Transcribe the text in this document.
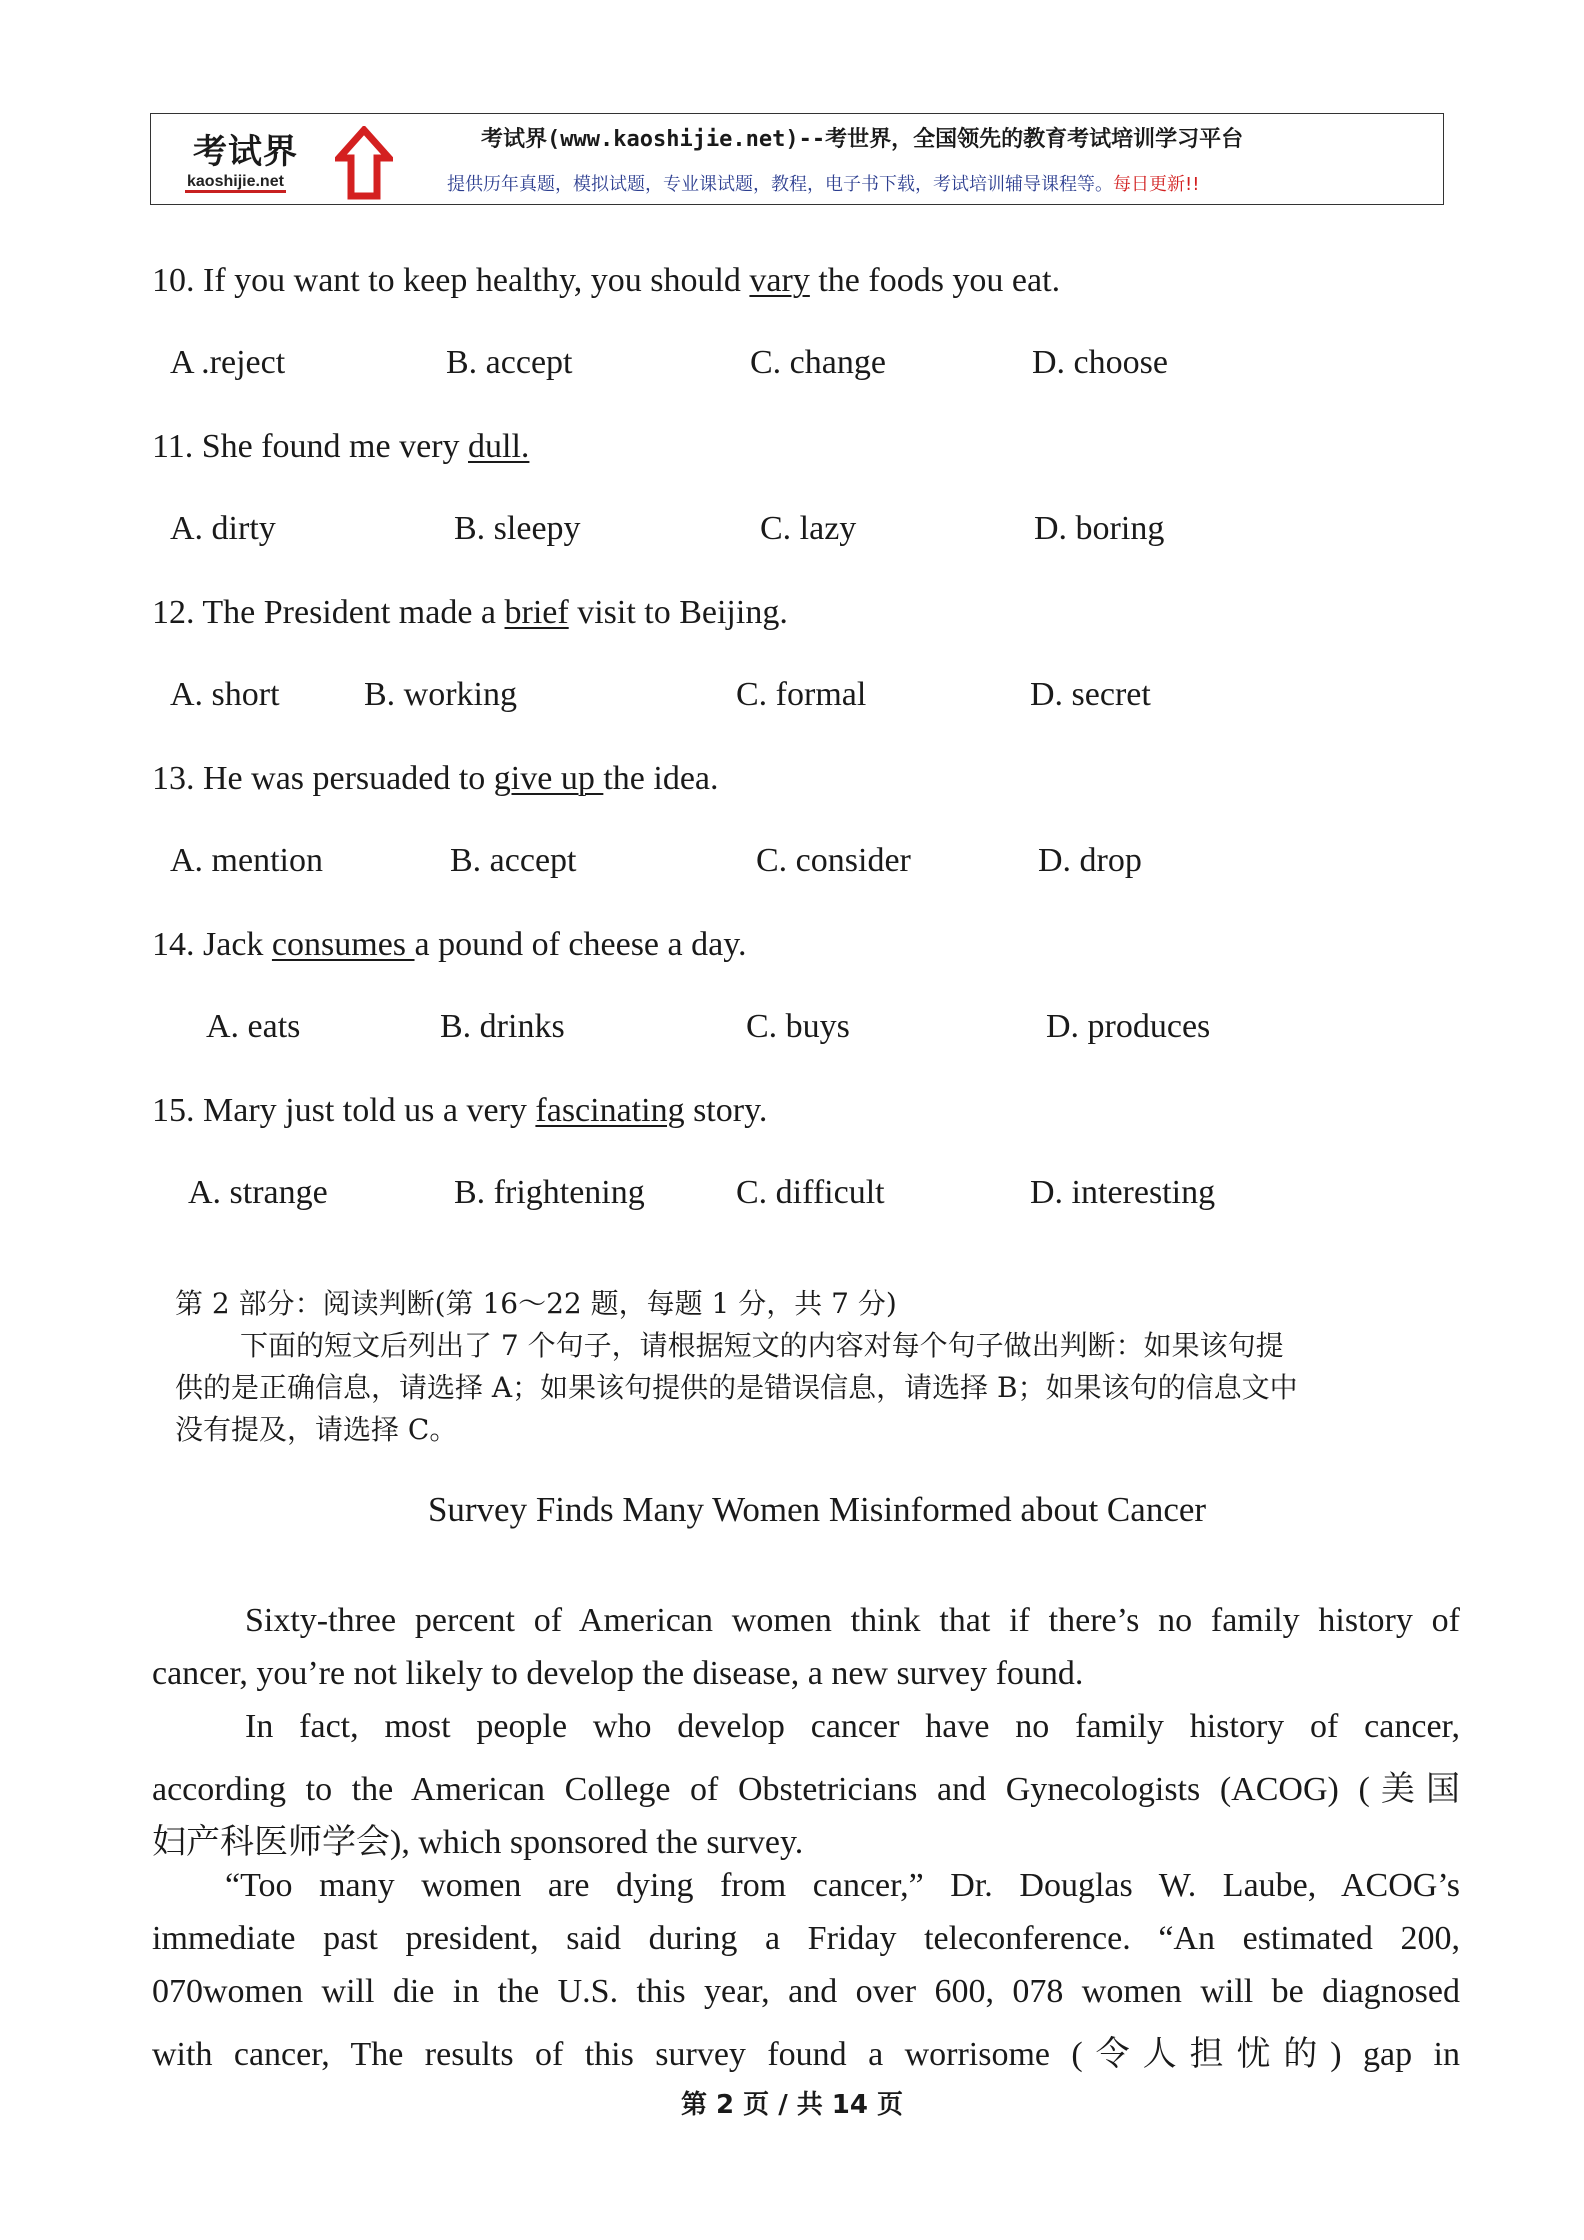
考试界
kaoshijie.net
考试界(www.kaoshijie.net)--考世界，全国领先的教育考试培训学习平台
提供历年真题，模拟试题，专业课试题，教程，电子书下载，考试培训辅导课程等。每日更新!!
10. If you want to keep healthy, you should vary the foods you eat.
A .reject	B. accept	C. change	D. choose
11. She found me very dull.
A. dirty	B. sleepy	C. lazy	D. boring
12. The President made a brief visit to Beijing.
A. short B. working	C. formal	D. secret
13. He was persuaded to give up the idea.
A. mention	B. accept	C. consider	D. drop
14. Jack consumes a pound of cheese a day.
A. eats	B. drinks	C. buys	D. produces
15. Mary just told us a very fascinating story.
A. strange	B. frightening	C. difficult	D. interesting
第 2 部分：阅读判断(第 16～22 题，每题 1 分，共 7 分)
下面的短文后列出了 7 个句子，请根据短文的内容对每个句子做出判断：如果该句提
供的是正确信息，请选择 A；如果该句提供的是错误信息，请选择 B；如果该句的信息文中
没有提及，请选择 C。
Survey Finds Many Women Misinformed about Cancer
Sixty-three percent of American women think that if there’s no family history of
cancer, you’re not likely to develop the disease, a new survey found.
In fact, most people who develop cancer have no family history of cancer,
according to the American College of Obstetricians and Gynecologists (ACOG) (美国
妇产科医师学会), which sponsored the survey.
“Too many women are dying from cancer,” Dr. Douglas W. Laube, ACOG’s
immediate past president, said during a Friday teleconference. “An estimated 200,
070women will die in the U.S. this year, and over 600, 078 women will be diagnosed
with cancer, The results of this survey found a worrisome (令人担忧的) gap in
第 2 页 / 共 14 页
